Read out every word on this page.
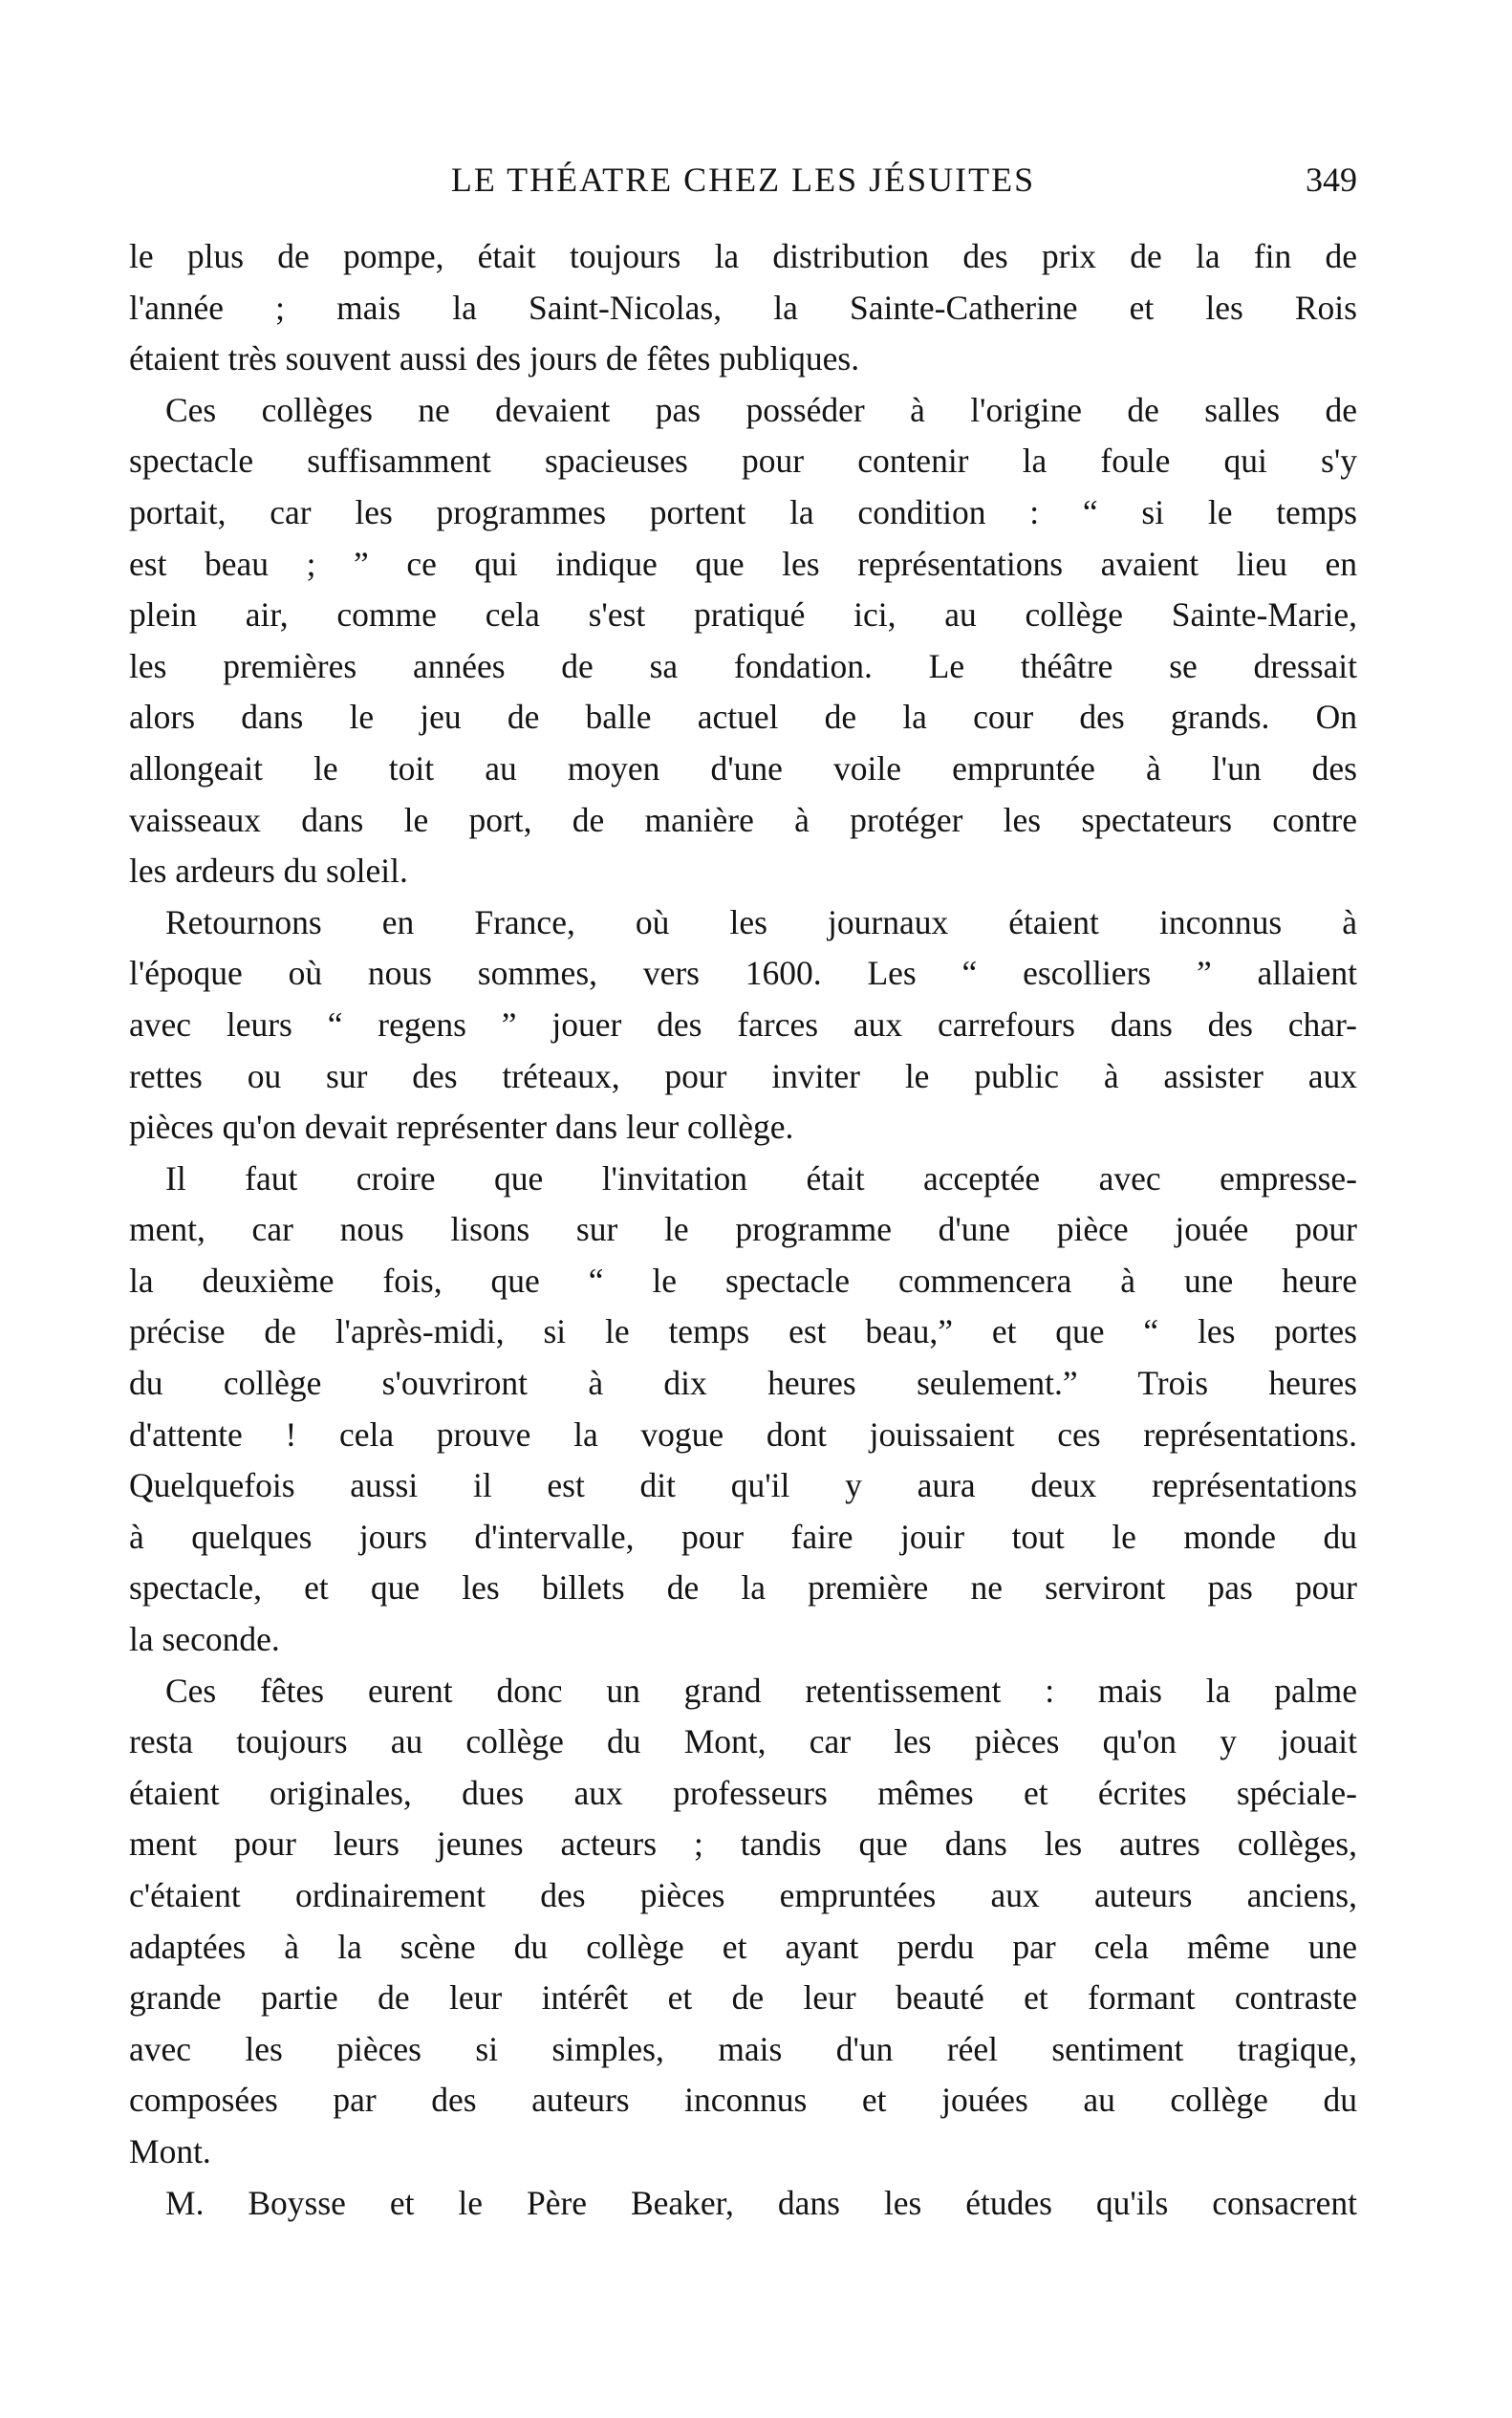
LE THÉATRE CHEZ LES JÉSUITES	349
le plus de pompe, était toujours la distribution des prix de la fin de
l'année ; mais la Saint-Nicolas, la Sainte-Catherine et les Rois
étaient très souvent aussi des jours de fêtes publiques.
Ces collèges ne devaient pas posséder à l'origine de salles de
spectacle suffisamment spacieuses pour contenir la foule qui s'y
portait, car les programmes portent la condition : “ si le temps
est beau ; ” ce qui indique que les représentations avaient lieu en
plein air, comme cela s'est pratiqué ici, au collège Sainte-Marie,
les premières années de sa fondation. Le théâtre se dressait
alors dans le jeu de balle actuel de la cour des grands. On
allongeait le toit au moyen d'une voile empruntée à l'un des
vaisseaux dans le port, de manière à protéger les spectateurs contre
les ardeurs du soleil.
Retournons en France, où les journaux étaient inconnus à
l'époque où nous sommes, vers 1600. Les “ escolliers ” allaient
avec leurs “ regens ” jouer des farces aux carrefours dans des char-
rettes ou sur des tréteaux, pour inviter le public à assister aux
pièces qu'on devait représenter dans leur collège.
Il faut croire que l'invitation était acceptée avec empresse-
ment, car nous lisons sur le programme d'une pièce jouée pour
la deuxième fois, que “ le spectacle commencera à une heure
précise de l'après-midi, si le temps est beau,” et que “ les portes
du collège s'ouvriront à dix heures seulement.” Trois heures
d'attente ! cela prouve la vogue dont jouissaient ces représentations.
Quelquefois aussi il est dit qu'il y aura deux représentations
à quelques jours d'intervalle, pour faire jouir tout le monde du
spectacle, et que les billets de la première ne serviront pas pour
la seconde.
Ces fêtes eurent donc un grand retentissement : mais la palme
resta toujours au collège du Mont, car les pièces qu'on y jouait
étaient originales, dues aux professeurs mêmes et écrites spéciale-
ment pour leurs jeunes acteurs ; tandis que dans les autres collèges,
c'étaient ordinairement des pièces empruntées aux auteurs anciens,
adaptées à la scène du collège et ayant perdu par cela même une
grande partie de leur intérêt et de leur beauté et formant contraste
avec les pièces si simples, mais d'un réel sentiment tragique,
composées par des auteurs inconnus et jouées au collège du
Mont.
M. Boysse et le Père Beaker, dans les études qu'ils consacrent
